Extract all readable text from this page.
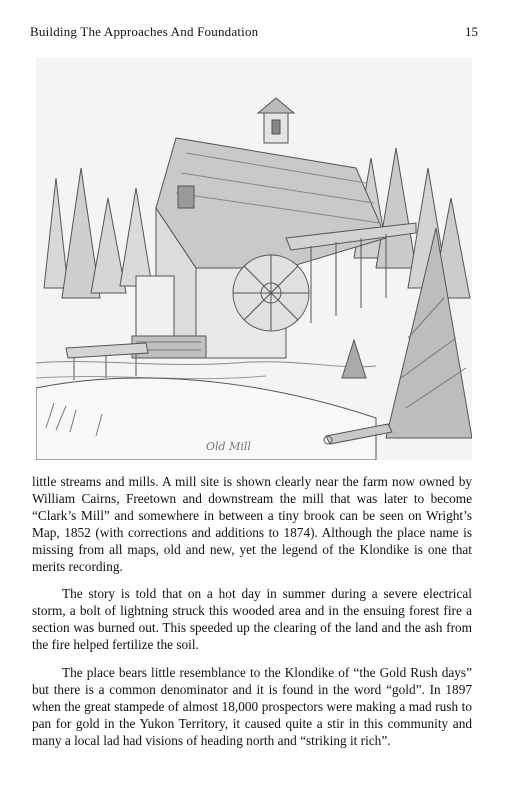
Building The Approaches And Foundation	15
Old Mill

little streams and mills. A mill site is shown clearly near the farm now owned by William Cairns, Freetown and downstream the mill that was later to become “Clark’s Mill” and somewhere in between a tiny brook can be seen on Wright’s Map, 1852 (with corrections and additions to 1874). Although the place name is missing from all maps, old and new, yet the legend of the Klondike is one that merits recording.

The story is told that on a hot day in summer during a severe electrical storm, a bolt of lightning struck this wooded area and in the ensuing forest fire a section was burned out. This speeded up the clearing of the land and the ash from the fire helped fertilize the soil.

The place bears little resemblance to the Klondike of “the Gold Rush days” but there is a common denominator and it is found in the word “gold”. In 1897 when the great stampede of almost 18,000 prospectors were making a mad rush to pan for gold in the Yukon Territory, it caused quite a stir in this community and many a local lad had visions of heading north and “striking it rich”.
